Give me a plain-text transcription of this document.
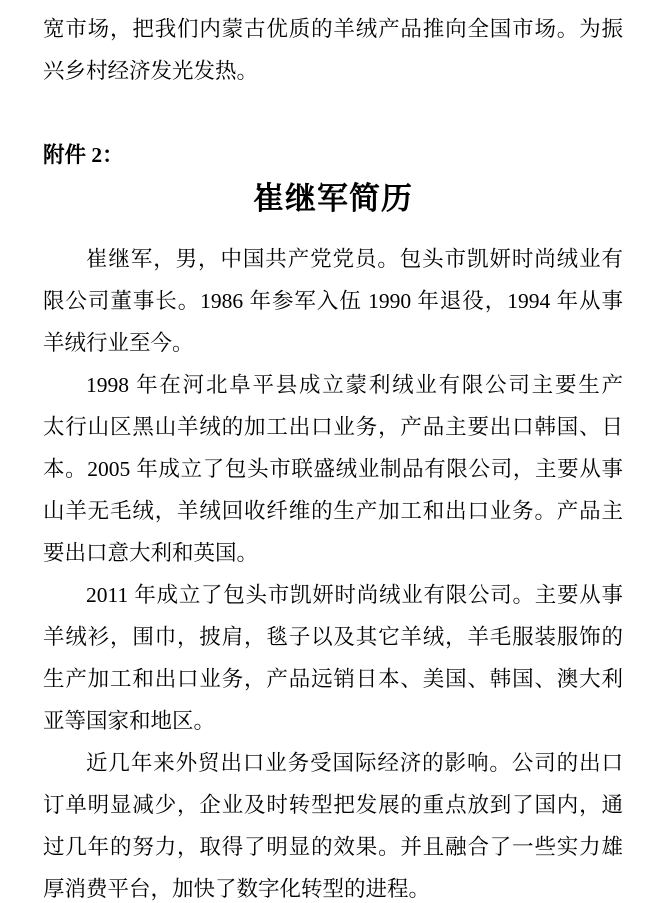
宽市场，把我们内蒙古优质的羊绒产品推向全国市场。为振
兴乡村经济发光发热。
附件 2：
崔继军简历
崔继军，男，中国共产党党员。包头市凯妍时尚绒业有
限公司董事长。1986 年参军入伍 1990 年退役，1994 年从事
羊绒行业至今。
1998 年在河北阜平县成立蒙利绒业有限公司主要生产
太行山区黑山羊绒的加工出口业务，产品主要出口韩国、日
本。2005 年成立了包头市联盛绒业制品有限公司，主要从事
山羊无毛绒，羊绒回收纤维的生产加工和出口业务。产品主
要出口意大利和英国。
2011 年成立了包头市凯妍时尚绒业有限公司。主要从事
羊绒衫，围巾，披肩，毯子以及其它羊绒，羊毛服装服饰的
生产加工和出口业务，产品远销日本、美国、韩国、澳大利
亚等国家和地区。
近几年来外贸出口业务受国际经济的影响。公司的出口
订单明显减少，企业及时转型把发展的重点放到了国内，通
过几年的努力，取得了明显的效果。并且融合了一些实力雄
厚消费平台，加快了数字化转型的进程。
